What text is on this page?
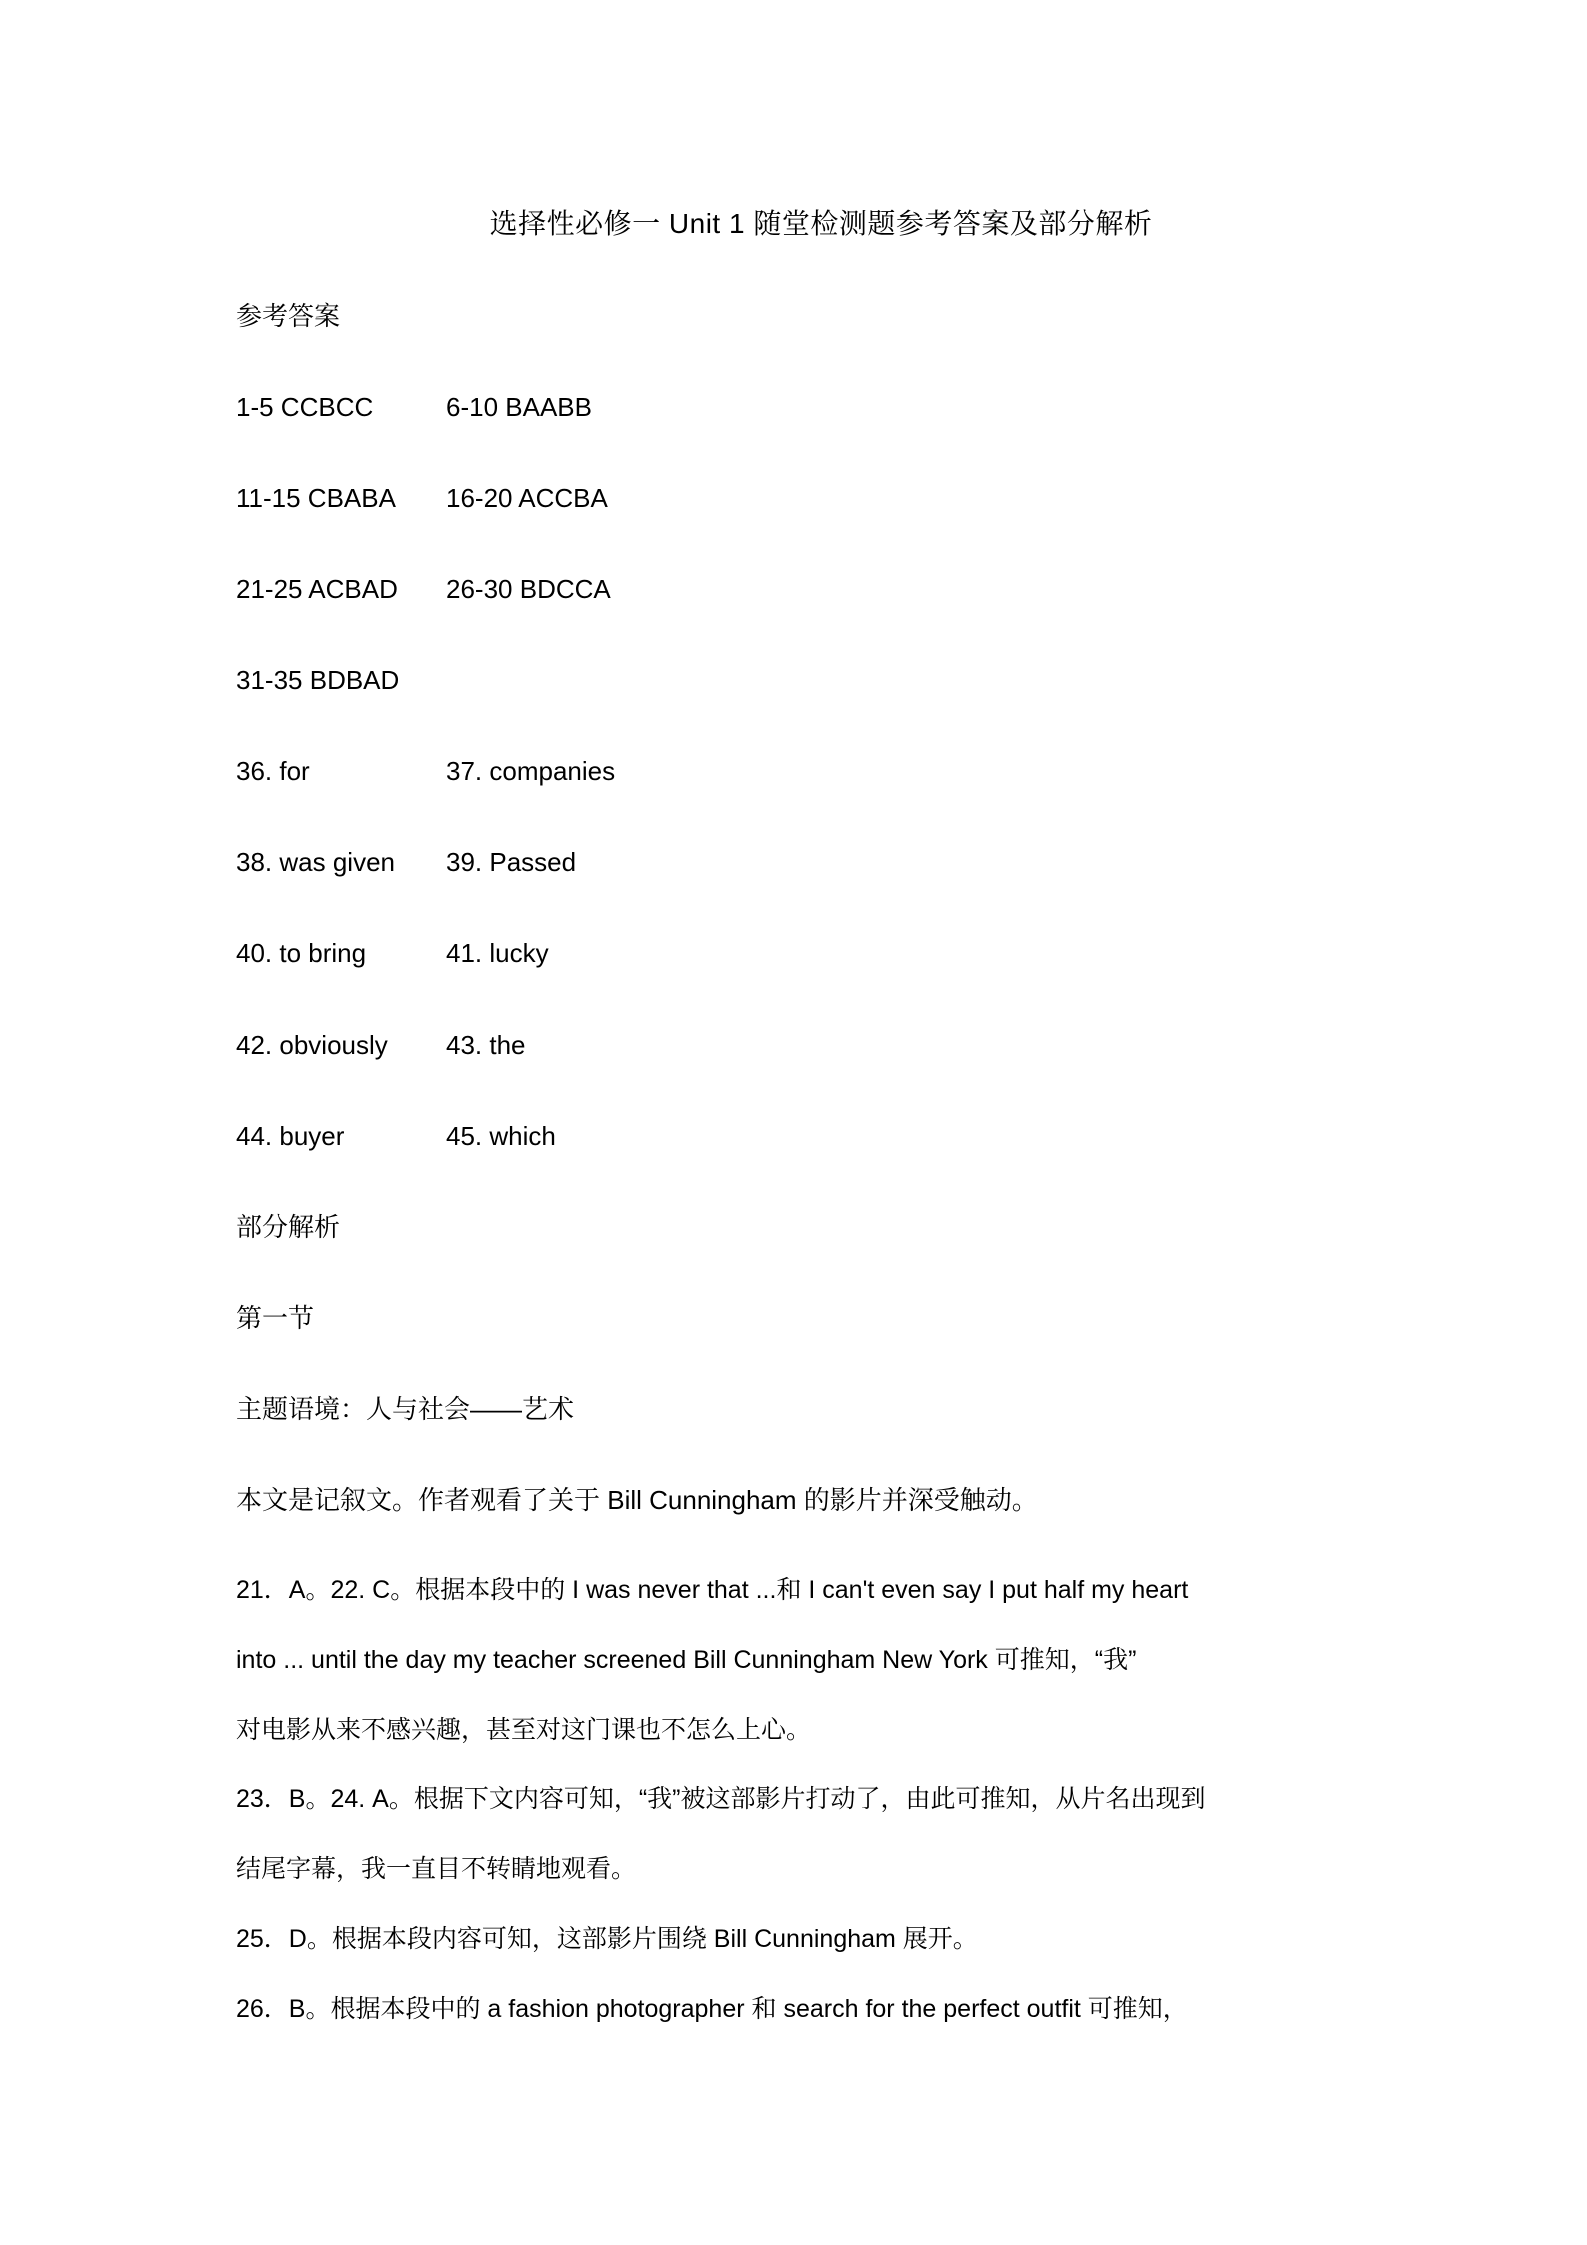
选择性必修一 Unit 1 随堂检测题参考答案及部分解析

参考答案

1-5 CCBCC	6-10 BAABB
11-15 CBABA 16-20 ACCBA
21-25 ACBAD 26-30 BDCCA
31-35 BDBAD
36. for	37. companies
38. was given 39. Passed
40. to bring	41. lucky
42. obviously 43. the
44. buyer	45. which

部分解析

第一节

主题语境：人与社会——艺术

本文是记叙文。作者观看了关于 Bill Cunningham 的影片并深受触动。

21．A。22. C。根据本段中的 I was never that ...和 I can't even say I put half my heart
into ... until the day my teacher screened Bill Cunningham New York 可推知，“我”
对电影从来不感兴趣，甚至对这门课也不怎么上心。
23．B。24. A。根据下文内容可知，“我”被这部影片打动了，由此可推知，从片名出现到
结尾字幕，我一直目不转睛地观看。
25．D。根据本段内容可知，这部影片围绕 Bill Cunningham 展开。
26．B。根据本段中的 a fashion photographer 和 search for the perfect outfit 可推知，
